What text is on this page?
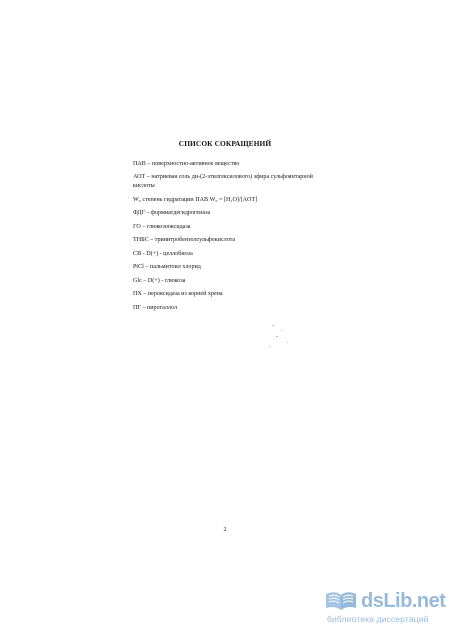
СПИСОК СОКРАЩЕНИЙ
ПАВ – поверхностно-активное вещество
АОТ – натриевая соль ди-(2-этилгексилового) эфира сульфоянтарной
кислоты
W₀ степень гидратации ПАВ W₀ = [H₂O]/[AOT]
ФДГ – формиатдегидрогеназа
ГО – глюкозооксидаза
ТНБС – тринитробензолсульфокислота
CB - D(+) - целлобиоза
PtCl – пальмитоил хлорид
Glc – D(+) - глюкоза
ПХ – пероксидаза из корней хрена
ПГ – пирогаллол
2
dsLib.net
библиотека диссертаций
